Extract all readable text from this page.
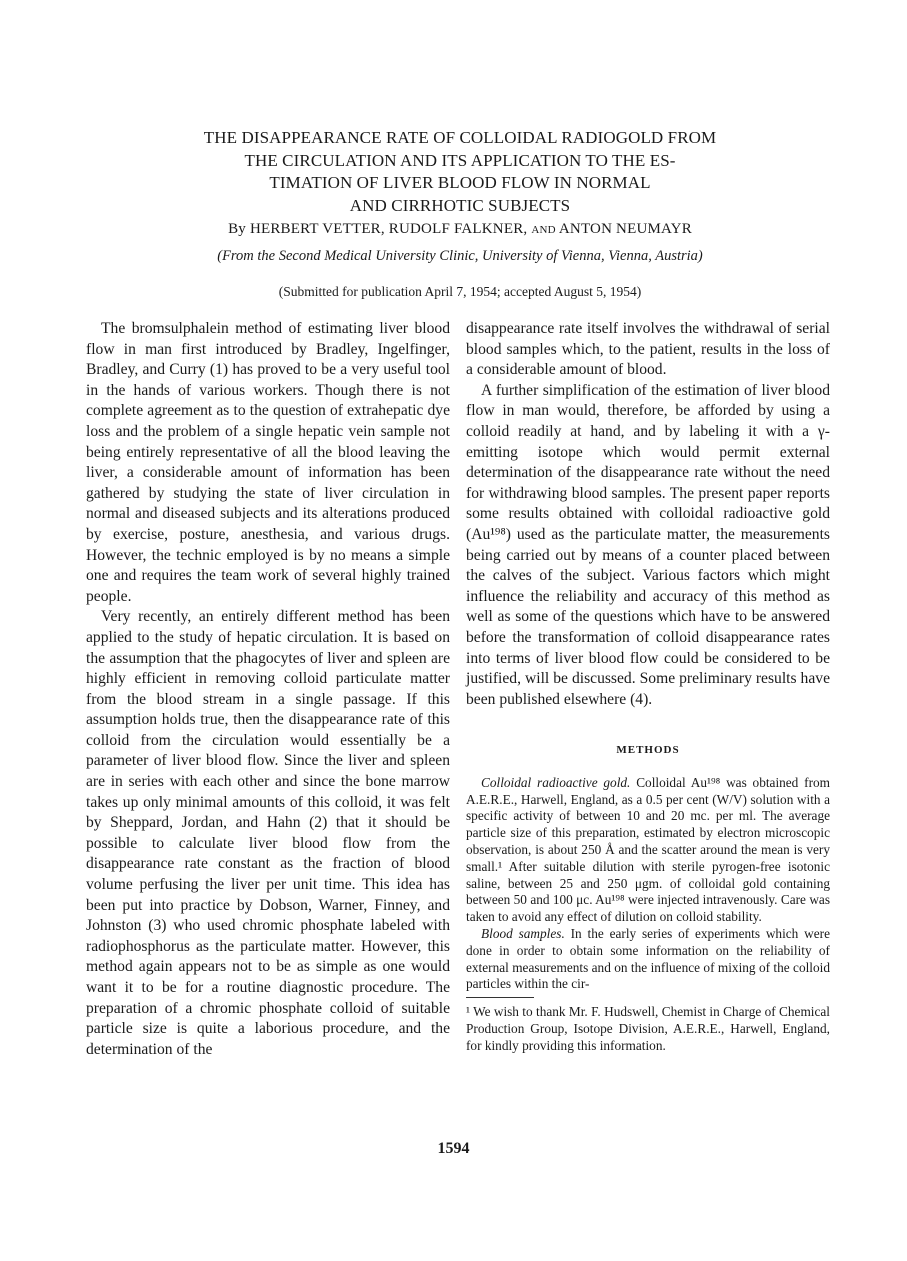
THE DISAPPEARANCE RATE OF COLLOIDAL RADIOGOLD FROM
THE CIRCULATION AND ITS APPLICATION TO THE ES-
TIMATION OF LIVER BLOOD FLOW IN NORMAL
AND CIRRHOTIC SUBJECTS
By HERBERT VETTER, RUDOLF FALKNER, AND ANTON NEUMAYR
(From the Second Medical University Clinic, University of Vienna, Vienna, Austria)
(Submitted for publication April 7, 1954; accepted August 5, 1954)

The bromsulphalein method of estimating liver blood flow in man first introduced by Bradley, Ingelfinger, Bradley, and Curry (1) has proved to be a very useful tool in the hands of various workers. Though there is not complete agreement as to the question of extrahepatic dye loss and the problem of a single hepatic vein sample not being entirely representative of all the blood leaving the liver, a considerable amount of information has been gathered by studying the state of liver circulation in normal and diseased subjects and its alterations produced by exercise, posture, anesthesia, and various drugs. However, the technic employed is by no means a simple one and requires the team work of several highly trained people.

Very recently, an entirely different method has been applied to the study of hepatic circulation. It is based on the assumption that the phagocytes of liver and spleen are highly efficient in removing colloid particulate matter from the blood stream in a single passage. If this assumption holds true, then the disappearance rate of this colloid from the circulation would essentially be a parameter of liver blood flow. Since the liver and spleen are in series with each other and since the bone marrow takes up only minimal amounts of this colloid, it was felt by Sheppard, Jordan, and Hahn (2) that it should be possible to calculate liver blood flow from the disappearance rate constant as the fraction of blood volume perfusing the liver per unit time. This idea has been put into practice by Dobson, Warner, Finney, and Johnston (3) who used chromic phosphate labeled with radiophosphorus as the particulate matter. However, this method again appears not to be as simple as one would want it to be for a routine diagnostic procedure. The preparation of a chromic phosphate colloid of suitable particle size is quite a laborious procedure, and the determination of the

disappearance rate itself involves the withdrawal of serial blood samples which, to the patient, results in the loss of a considerable amount of blood.

A further simplification of the estimation of liver blood flow in man would, therefore, be afforded by using a colloid readily at hand, and by labeling it with a γ-emitting isotope which would permit external determination of the disappearance rate without the need for withdrawing blood samples. The present paper reports some results obtained with colloidal radioactive gold (Au¹⁹⁸) used as the particulate matter, the measurements being carried out by means of a counter placed between the calves of the subject. Various factors which might influence the reliability and accuracy of this method as well as some of the questions which have to be answered before the transformation of colloid disappearance rates into terms of liver blood flow could be considered to be justified, will be discussed. Some preliminary results have been published elsewhere (4).

METHODS

Colloidal radioactive gold. Colloidal Au¹⁹⁸ was obtained from A.E.R.E., Harwell, England, as a 0.5 per cent (W/V) solution with a specific activity of between 10 and 20 mc. per ml. The average particle size of this preparation, estimated by electron microscopic observation, is about 250 Å and the scatter around the mean is very small.¹ After suitable dilution with sterile pyrogen-free isotonic saline, between 25 and 250 μgm. of colloidal gold containing between 50 and 100 μc. Au¹⁹⁸ were injected intravenously. Care was taken to avoid any effect of dilution on colloid stability.

Blood samples. In the early series of experiments which were done in order to obtain some information on the reliability of external measurements and on the influence of mixing of the colloid particles within the cir-

¹ We wish to thank Mr. F. Hudswell, Chemist in Charge of Chemical Production Group, Isotope Division, A.E.R.E., Harwell, England, for kindly providing this information.

1594
